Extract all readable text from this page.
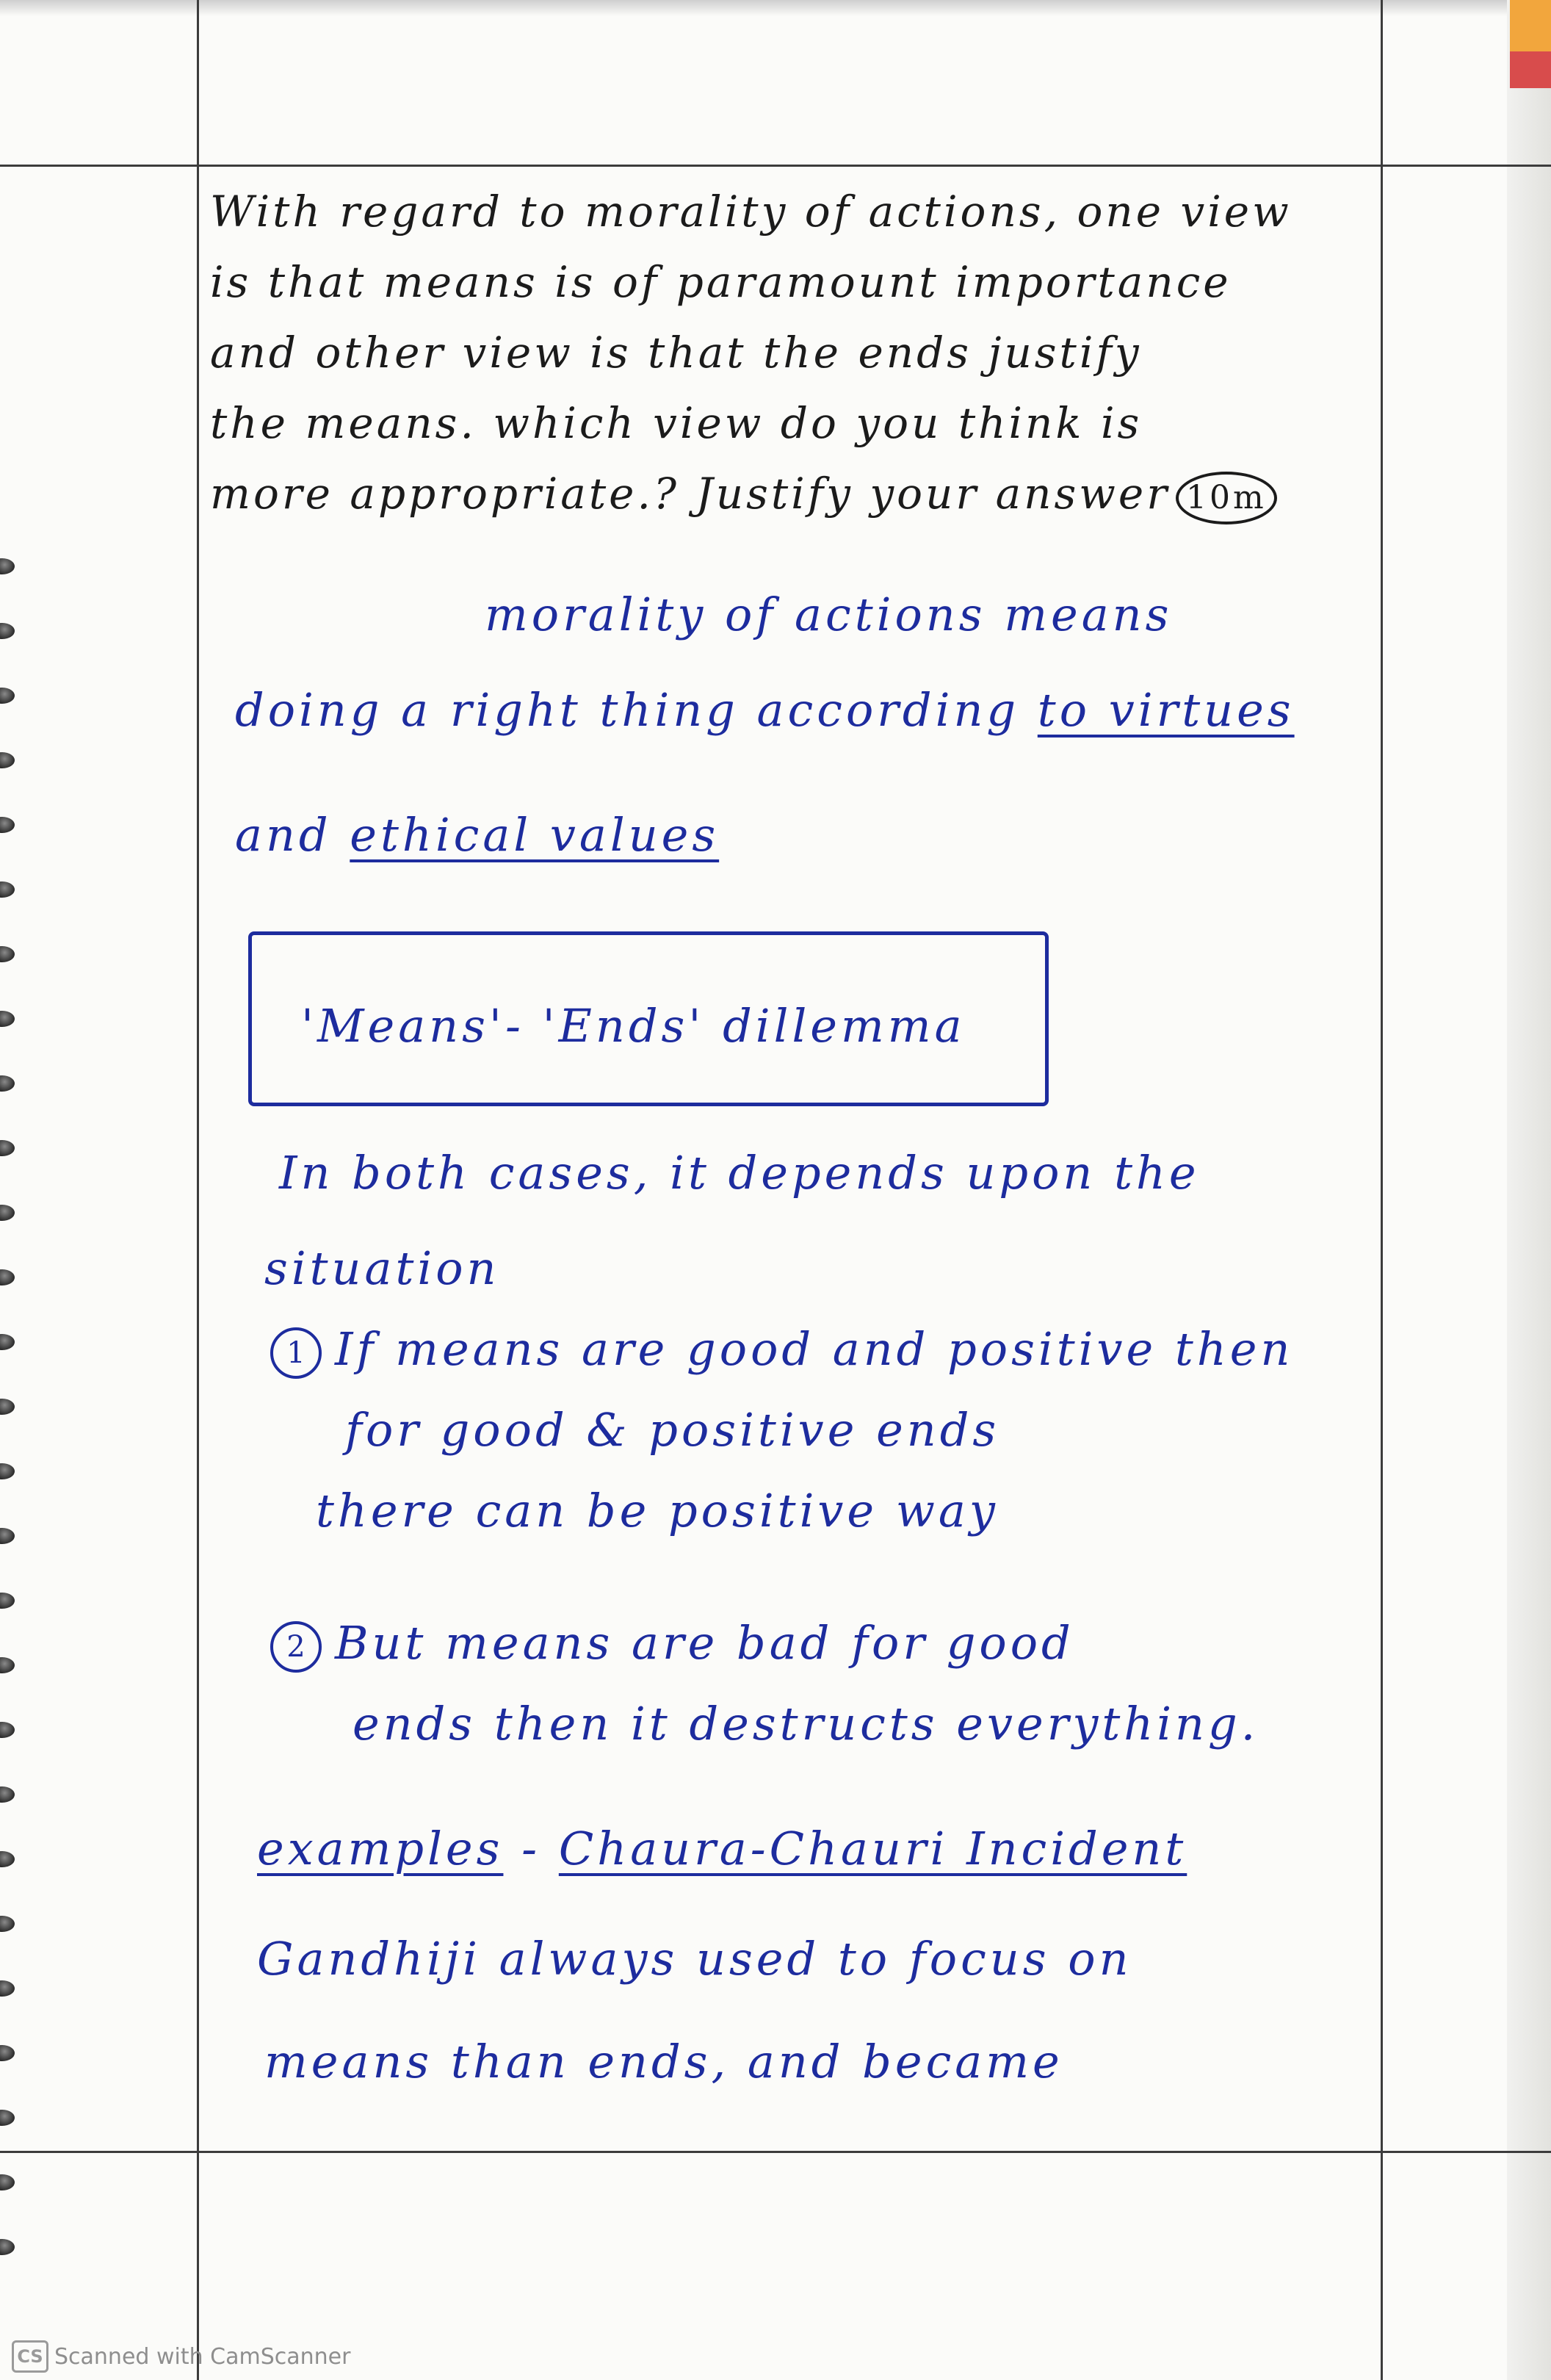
With regard to morality of actions, one view
is that means is of paramount importance
and other view is that the ends justify
the means. which view do you think is
more appropriate.? Justify your answer 10m
morality of actions means
doing a right thing according to virtues
and ethical values
'Means'- 'Ends' dillemma
In both cases, it depends upon the
situation
1 If means are good and positive then
for good & positive ends
there can be positive way
2 But means are bad for good
ends then it destructs everything.
examples - Chaura-Chauri Incident
Gandhiji always used to focus on
means than ends, and became
CS Scanned with CamScanner
